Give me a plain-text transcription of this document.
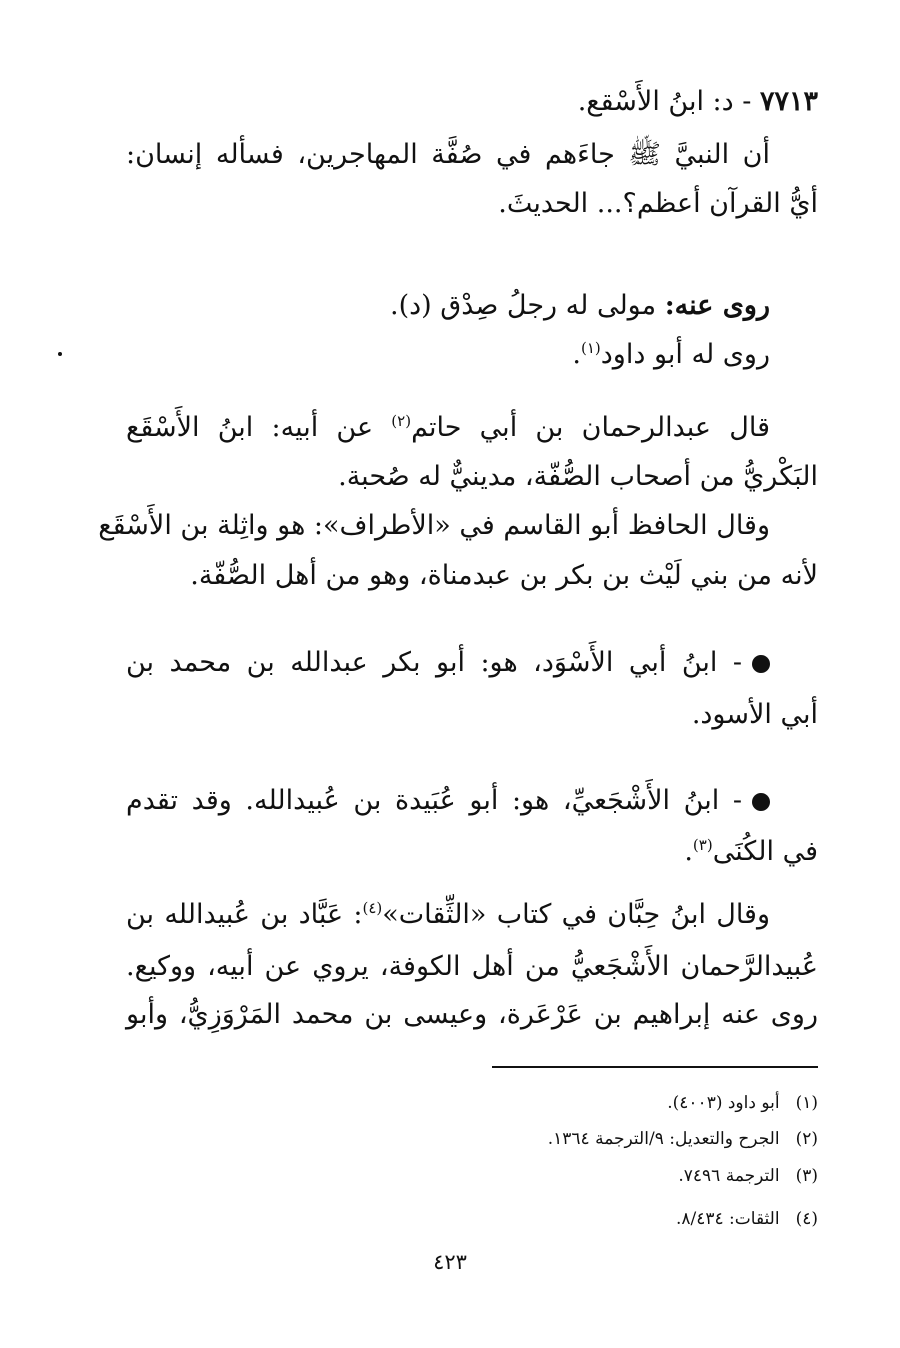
٧٧١٣ - د: ابنُ الأَسْقع.
أن النبيَّ ﷺ جاءَهم في صُفَّة المهاجرين، فسأله إنسان:
أيُّ القرآن أعظم؟... الحديثَ.
روى عنه: مولى له رجلُ صِدْق (د).
روى له أبو داود$^{(١)}$.
قال عبدالرحمان بن أبي حاتم$^{(٢)}$ عن أبيه: ابنُ الأَسْقَع
البَكْريُّ من أصحاب الصُّفّة، مدينيٌّ له صُحبة.
وقال الحافظ أبو القاسم في «الأطراف»: هو واثِلة بن الأَسْقَع
لأنه من بني لَيْث بن بكر بن عبدمناة، وهو من أهل الصُّفّة.
- ابنُ أبي الأَسْوَد، هو: أبو بكر عبدالله بن محمد بن
أبي الأسود.
- ابنُ الأَشْجَعيِّ، هو: أبو عُبَيدة بن عُبيدالله. وقد تقدم
في الكُنَى$^{(٣)}$.
وقال ابنُ حِبَّان في كتاب «الثِّقات»$^{(٤)}$: عَبَّاد بن عُبيدالله بن
عُبيدالرَّحمان الأَشْجَعيُّ من أهل الكوفة، يروي عن أبيه، ووكيع.
روى عنه إبراهيم بن عَرْعَرة، وعيسى بن محمد المَرْوَزِيُّ، وأبو
(١)أبو داود (٤٠٠٣).
(٢)الجرح والتعديل: ٩/الترجمة ١٣٦٤.
(٣)الترجمة ٧٤٩٦.
(٤)الثقات: ٨/٤٣٤.
٤٢٣
